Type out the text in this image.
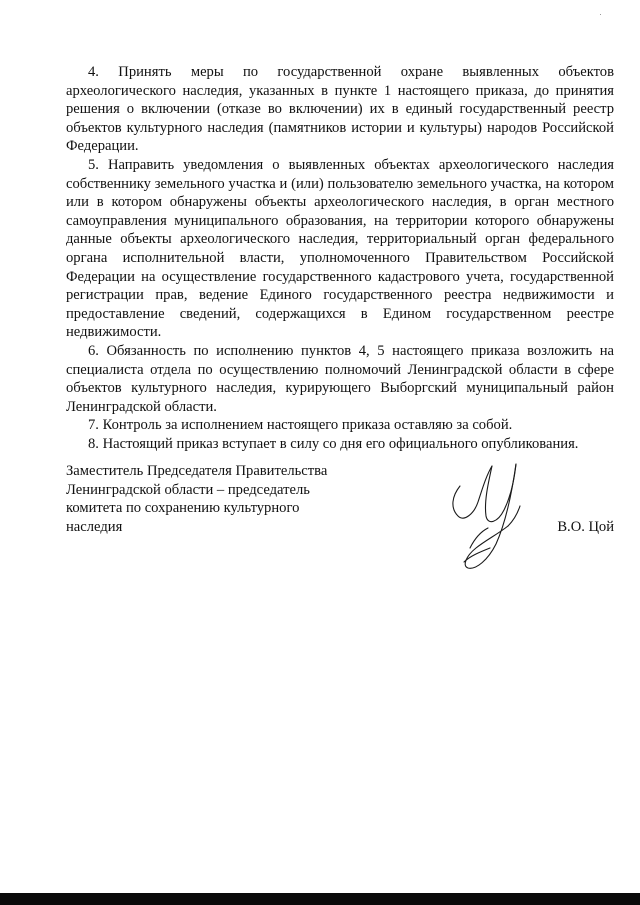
4. Принять меры по государственной охране выявленных объектов археологического наследия, указанных в пункте 1 настоящего приказа, до принятия решения о включении (отказе во включении) их в единый государственный реестр объектов культурного наследия (памятников истории и культуры) народов Российской Федерации.

5. Направить уведомления о выявленных объектах археологического наследия собственнику земельного участка и (или) пользователю земельного участка, на котором или в котором обнаружены объекты археологического наследия, в орган местного самоуправления муниципального образования, на территории которого обнаружены данные объекты археологического наследия, территориальный орган федерального органа исполнительной власти, уполномоченного Правительством Российской Федерации на осуществление государственного кадастрового учета, государственной регистрации прав, ведение Единого государственного реестра недвижимости и предоставление сведений, содержащихся в Едином государственном реестре недвижимости.

6. Обязанность по исполнению пунктов 4, 5 настоящего приказа возложить на специалиста отдела по осуществлению полномочий Ленинградской области в сфере объектов культурного наследия, курирующего Выборгский муниципальный район Ленинградской области.

7. Контроль за исполнением настоящего приказа оставляю за собой.

8. Настоящий приказ вступает в силу со дня его официального опубликования.

Заместитель Председателя Правительства
Ленинградской области – председатель
комитета по сохранению культурного
наследия	В.О. Цой
